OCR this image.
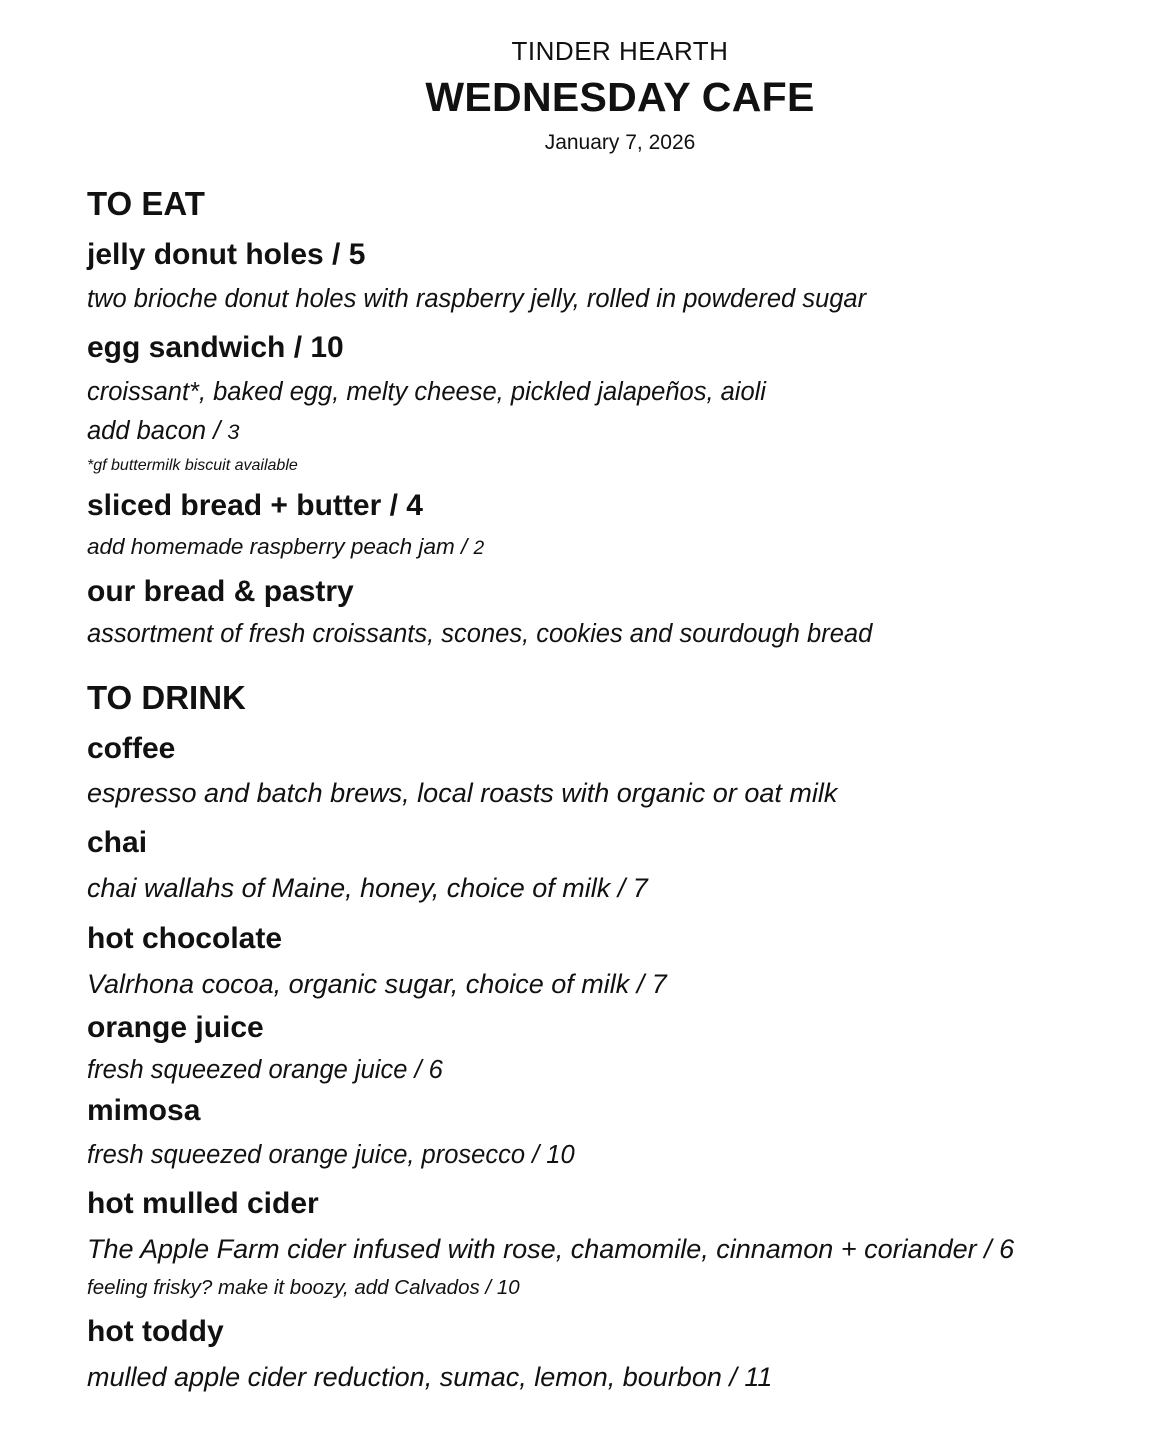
TINDER HEARTH
WEDNESDAY CAFE
January 7, 2026
TO EAT
jelly donut holes / 5
two brioche donut holes with raspberry jelly, rolled in powdered sugar
egg sandwich / 10
croissant*, baked egg, melty cheese, pickled jalapeños, aioli
add bacon / 3
*gf buttermilk biscuit available
sliced bread + butter / 4
add homemade raspberry peach jam / 2
our bread & pastry
assortment of fresh croissants, scones, cookies and sourdough bread
TO DRINK
coffee
espresso and batch brews, local roasts with organic or oat milk
chai
chai wallahs of Maine, honey, choice of milk / 7
hot chocolate
Valrhona cocoa, organic sugar, choice of milk / 7
orange juice
fresh squeezed orange juice / 6
mimosa
fresh squeezed orange juice, prosecco / 10
hot mulled cider
The Apple Farm cider infused with rose, chamomile, cinnamon + coriander / 6
feeling frisky? make it boozy, add Calvados / 10
hot toddy
mulled apple cider reduction, sumac, lemon, bourbon / 11
